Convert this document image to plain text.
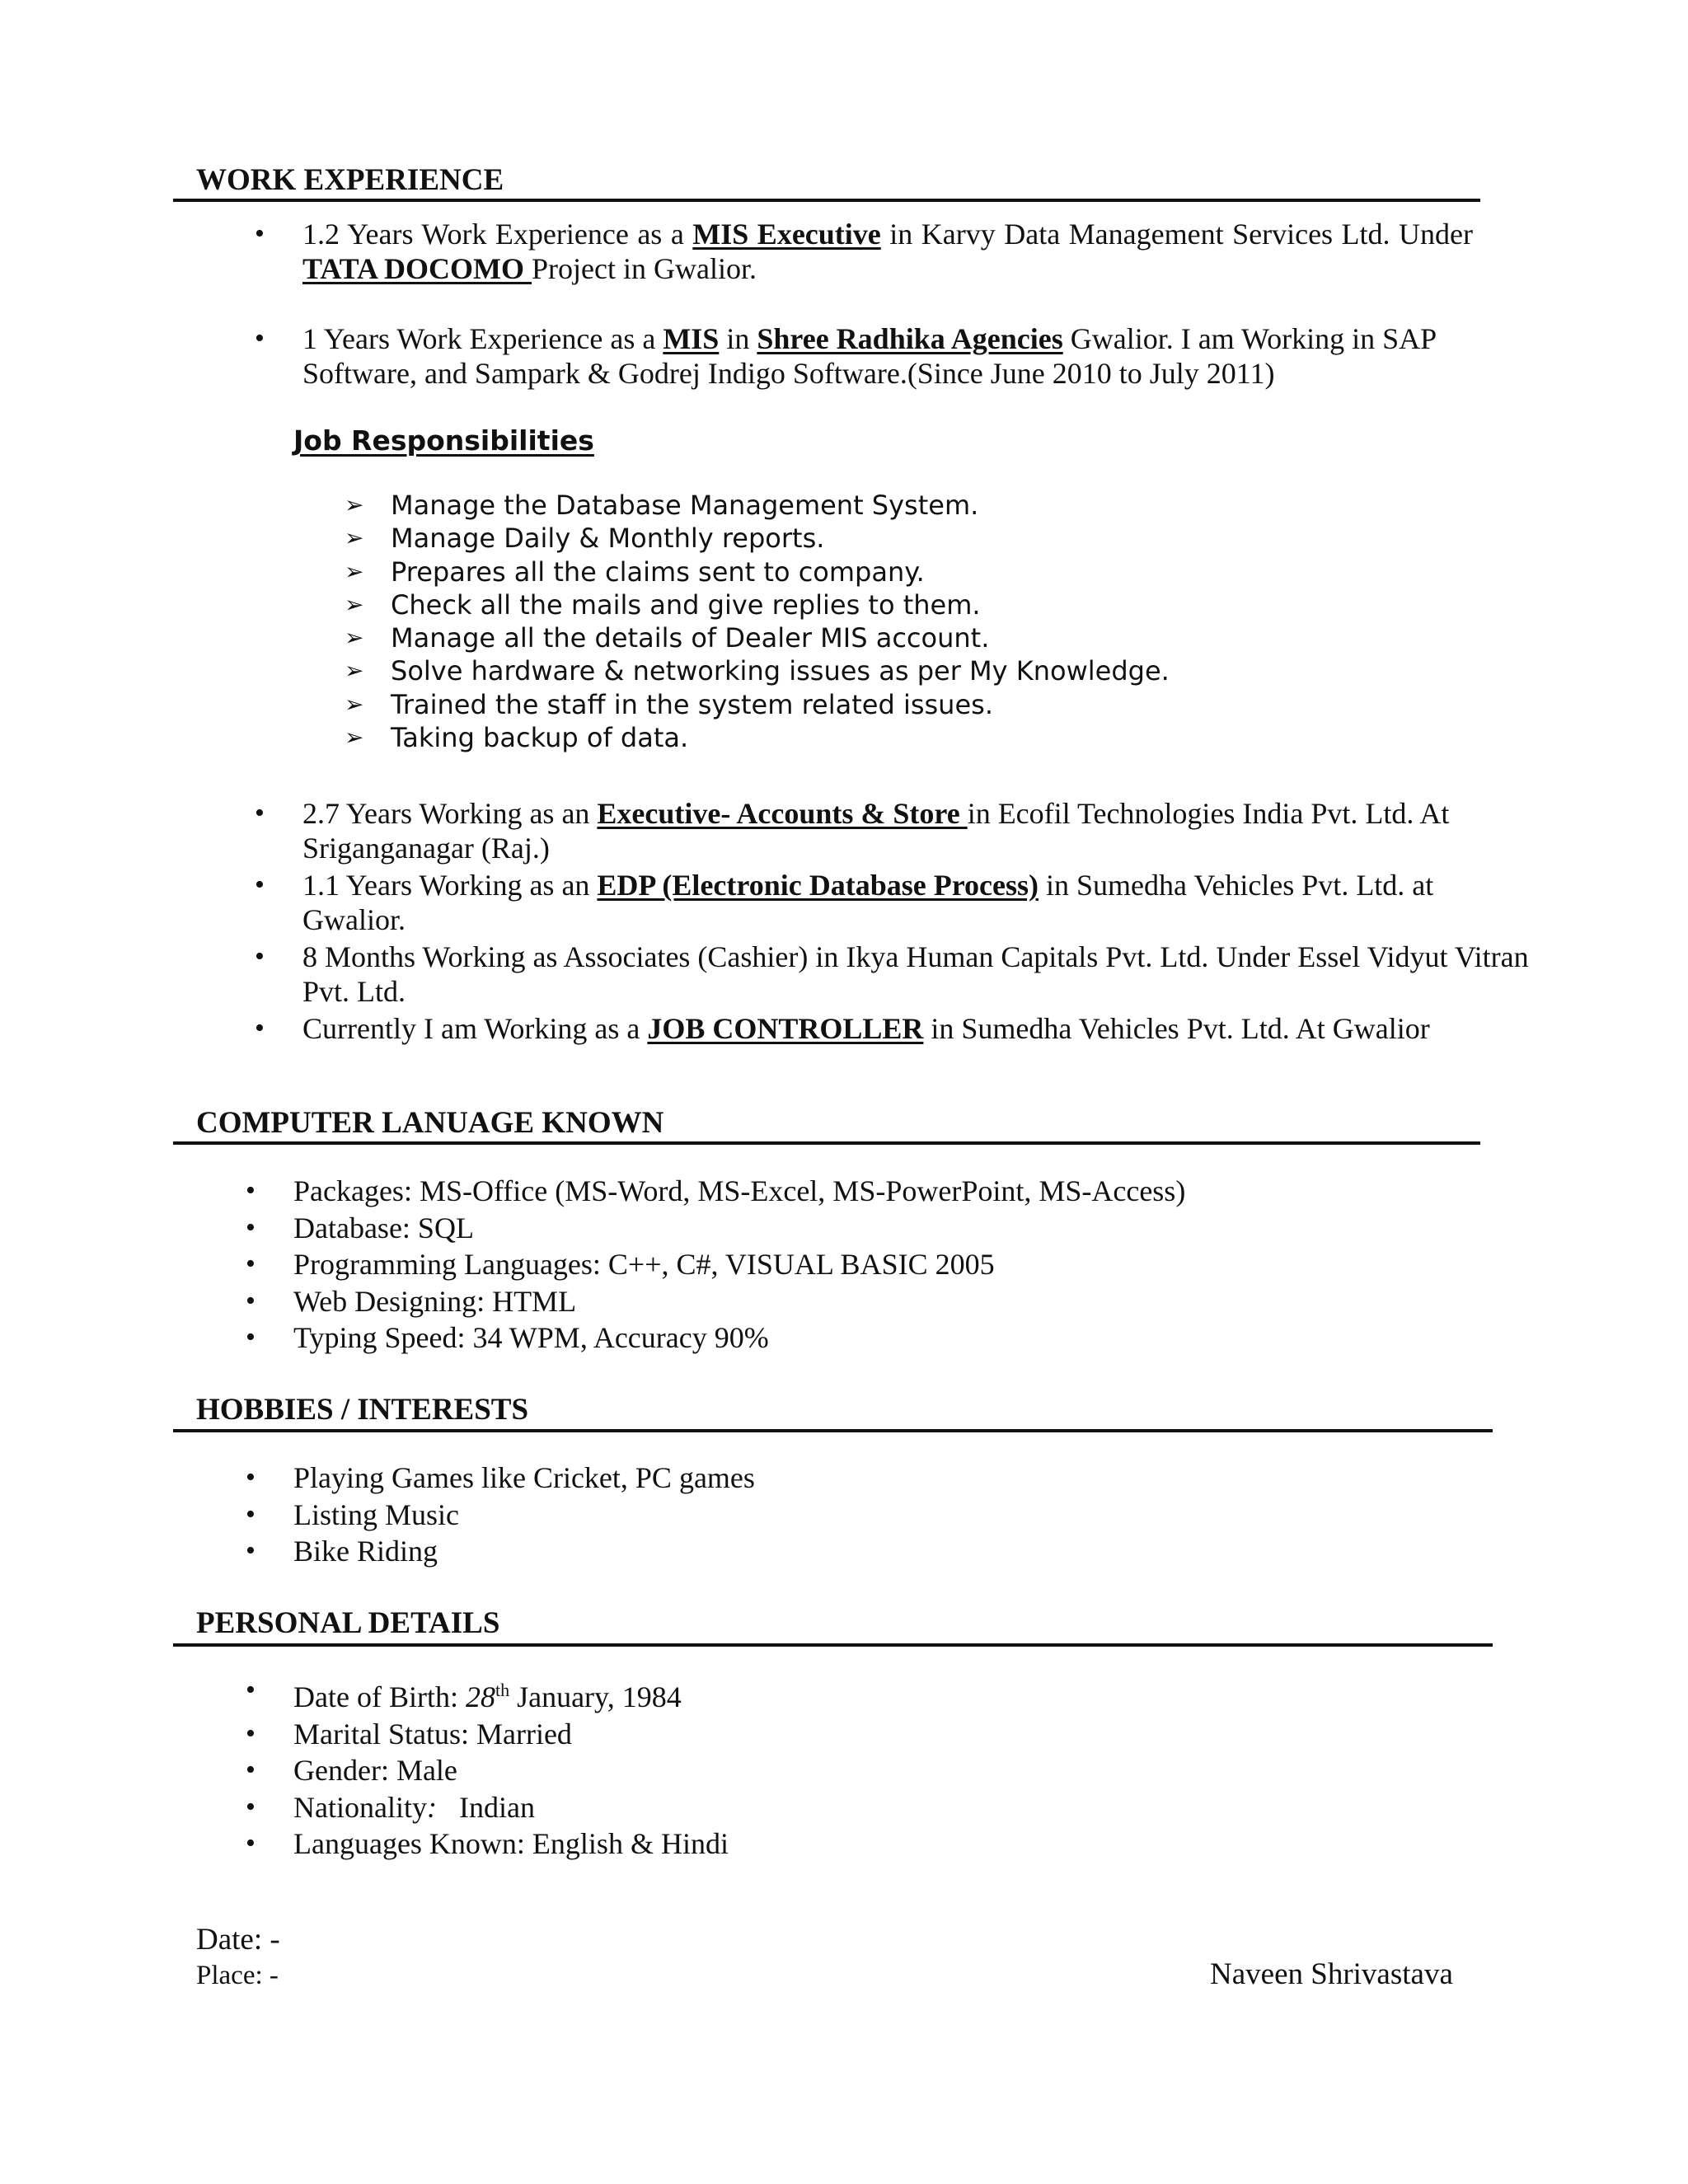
WORK EXPERIENCE
•	1.2 Years Work Experience as a MIS Executive in Karvy Data Management Services Ltd. Under TATA DOCOMO Project in Gwalior.
•	1 Years Work Experience as a MIS in Shree Radhika Agencies Gwalior. I am Working in SAP Software, and Sampark & Godrej Indigo Software.(Since June 2010 to July 2011)
Job Responsibilities
➢ Manage the Database Management System.
➢ Manage Daily & Monthly reports.
➢ Prepares all the claims sent to company.
➢ Check all the mails and give replies to them.
➢ Manage all the details of Dealer MIS account.
➢ Solve hardware & networking issues as per My Knowledge.
➢ Trained the staff in the system related issues.
➢ Taking backup of data.
•	2.7 Years Working as an Executive- Accounts & Store in Ecofil Technologies India Pvt. Ltd. At Sriganganagar (Raj.)
•	1.1 Years Working as an EDP (Electronic Database Process) in Sumedha Vehicles Pvt. Ltd. at Gwalior.
•	8 Months Working as Associates (Cashier) in Ikya Human Capitals Pvt. Ltd. Under Essel Vidyut Vitran Pvt. Ltd.
•	Currently I am Working as a JOB CONTROLLER in Sumedha Vehicles Pvt. Ltd. At Gwalior
COMPUTER LANUAGE KNOWN
• Packages: MS-Office (MS-Word, MS-Excel, MS-PowerPoint, MS-Access)
• Database: SQL
• Programming Languages: C++, C#, VISUAL BASIC 2005
• Web Designing: HTML
• Typing Speed: 34 WPM, Accuracy 90%
HOBBIES / INTERESTS
• Playing Games like Cricket, PC games
• Listing Music
• Bike Riding
PERSONAL DETAILS
• Date of Birth: 28th January, 1984
• Marital Status: Married
• Gender: Male
• Nationality:   Indian
• Languages Known: English & Hindi
Date: -
Place: -	Naveen Shrivastava
